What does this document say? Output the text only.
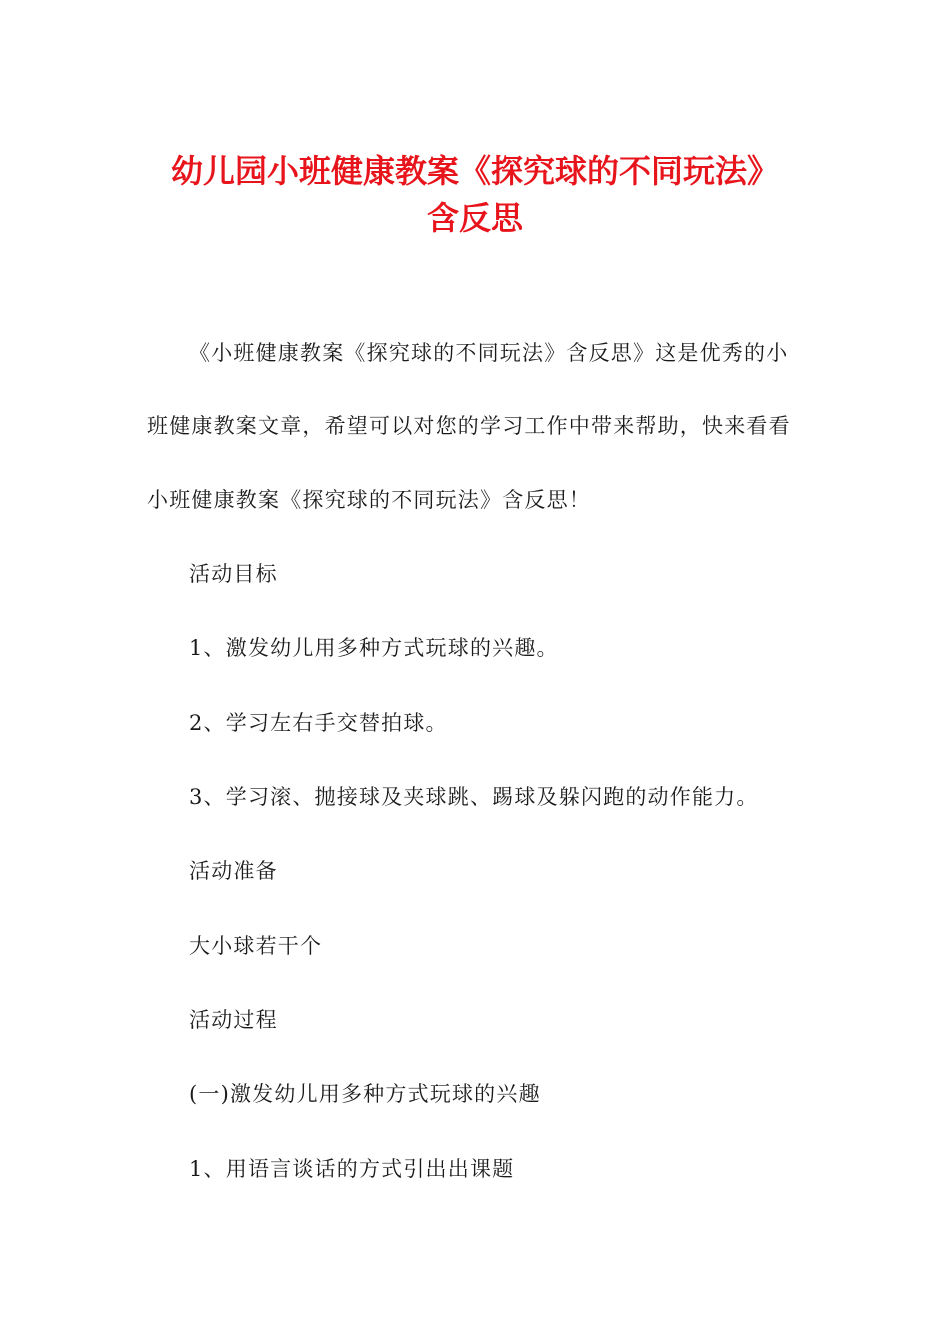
幼儿园小班健康教案《探究球的不同玩法》
含反思
《小班健康教案《探究球的不同玩法》含反思》这是优秀的小
班健康教案文章，希望可以对您的学习工作中带来帮助，快来看看
小班健康教案《探究球的不同玩法》含反思！
活动目标
1、激发幼儿用多种方式玩球的兴趣。
2、学习左右手交替拍球。
3、学习滚、抛接球及夹球跳、踢球及躲闪跑的动作能力。
活动准备
大小球若干个
活动过程
(一)激发幼儿用多种方式玩球的兴趣
1、用语言谈话的方式引出出课题
